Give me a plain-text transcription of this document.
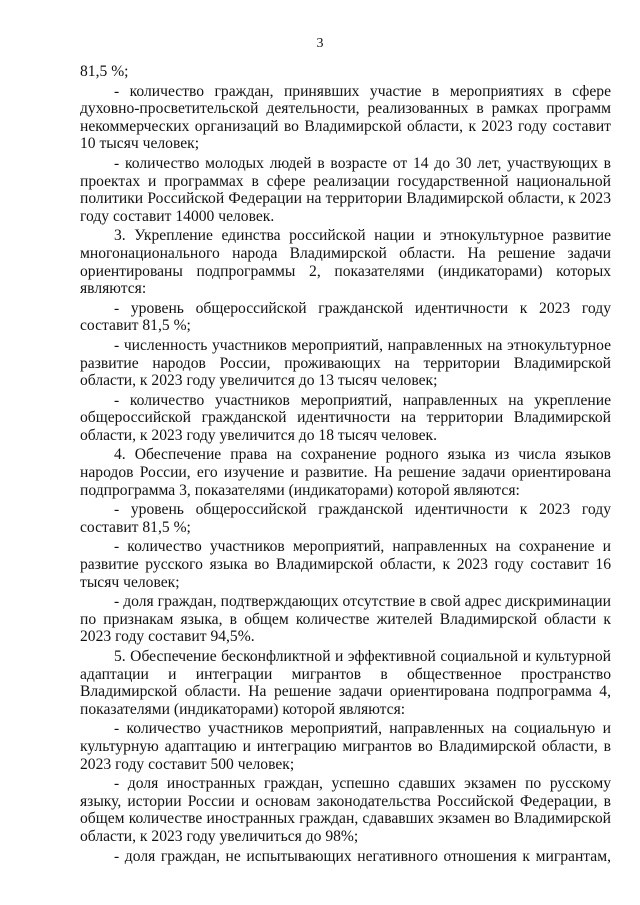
3

81,5 %;

- количество граждан, принявших участие в мероприятиях в сфере духовно-просветительской деятельности, реализованных в рамках программ некоммерческих организаций во Владимирской области, к 2023 году составит 10 тысяч человек;

- количество молодых людей в возрасте от 14 до 30 лет, участвующих в проектах и программах в сфере реализации государственной национальной политики Российской Федерации на территории Владимирской области, к 2023 году составит 14000 человек.

3. Укрепление единства российской нации и этнокультурное развитие многонационального народа Владимирской области. На решение задачи ориентированы подпрограммы 2, показателями (индикаторами) которых являются:

- уровень общероссийской гражданской идентичности к 2023 году составит 81,5 %;

- численность участников мероприятий, направленных на этнокультурное развитие народов России, проживающих на территории Владимирской области, к 2023 году увеличится до 13 тысяч человек;

- количество участников мероприятий, направленных на укрепление общероссийской гражданской идентичности на территории Владимирской области, к 2023 году увеличится до 18 тысяч человек.

4. Обеспечение права на сохранение родного языка из числа языков народов России, его изучение и развитие. На решение задачи ориентирована подпрограмма 3, показателями (индикаторами) которой являются:

- уровень общероссийской гражданской идентичности к 2023 году составит 81,5 %;

- количество участников мероприятий, направленных на сохранение и развитие русского языка во Владимирской области, к 2023 году составит 16 тысяч человек;

- доля граждан, подтверждающих отсутствие в свой адрес дискриминации по признакам языка, в общем количестве жителей Владимирской области к 2023 году составит 94,5%.

5. Обеспечение бесконфликтной и эффективной социальной и культурной адаптации и интеграции мигрантов в общественное пространство Владимирской области. На решение задачи ориентирована подпрограмма 4, показателями (индикаторами) которой являются:

- количество участников мероприятий, направленных на социальную и культурную адаптацию и интеграцию мигрантов во Владимирской области, в 2023 году составит 500 человек;

- доля иностранных граждан, успешно сдавших экзамен по русскому языку, истории России и основам законодательства Российской Федерации, в общем количестве иностранных граждан, сдававших экзамен во Владимирской области, к 2023 году увеличиться до 98%;

- доля граждан, не испытывающих негативного отношения к мигрантам,
